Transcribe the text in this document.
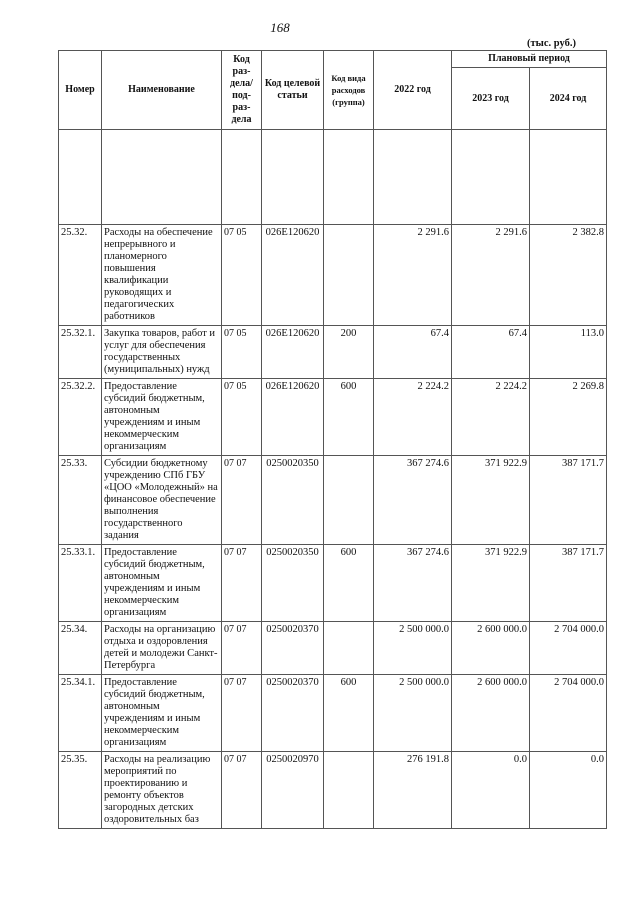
168
(тыс. руб.)
Номер	Наименование	Код раз-дела/ под-раз-дела	Код целевой статьи	Код вида расходов (группа)	2022 год	Плановый период	
						2023 год	2024 год

25.32.	Расходы на обеспечение непрерывного и планомерного повышения квалификации руководящих и педагогических работников	07 05	026Е120620		2 291.6	2 291.6	2 382.8
25.32.1.	Закупка товаров, работ и услуг для обеспечения государственных (муниципальных) нужд	07 05	026Е120620	200	67.4	67.4	113.0
25.32.2.	Предоставление субсидий бюджетным, автономным учреждениям и иным некоммерческим организациям	07 05	026Е120620	600	2 224.2	2 224.2	2 269.8
25.33.	Субсидии бюджетному учреждению СПб ГБУ «ЦОО «Молодежный» на финансовое обеспечение выполнения государственного задания	07 07	0250020350		367 274.6	371 922.9	387 171.7
25.33.1.	Предоставление субсидий бюджетным, автономным учреждениям и иным некоммерческим организациям	07 07	0250020350	600	367 274.6	371 922.9	387 171.7
25.34.	Расходы на организацию отдыха и оздоровления детей и молодежи Санкт-Петербурга	07 07	0250020370		2 500 000.0	2 600 000.0	2 704 000.0
25.34.1.	Предоставление субсидий бюджетным, автономным учреждениям и иным некоммерческим организациям	07 07	0250020370	600	2 500 000.0	2 600 000.0	2 704 000.0
25.35.	Расходы на реализацию мероприятий по проектированию и ремонту объектов загородных детских оздоровительных баз	07 07	0250020970		276 191.8	0.0	0.0
